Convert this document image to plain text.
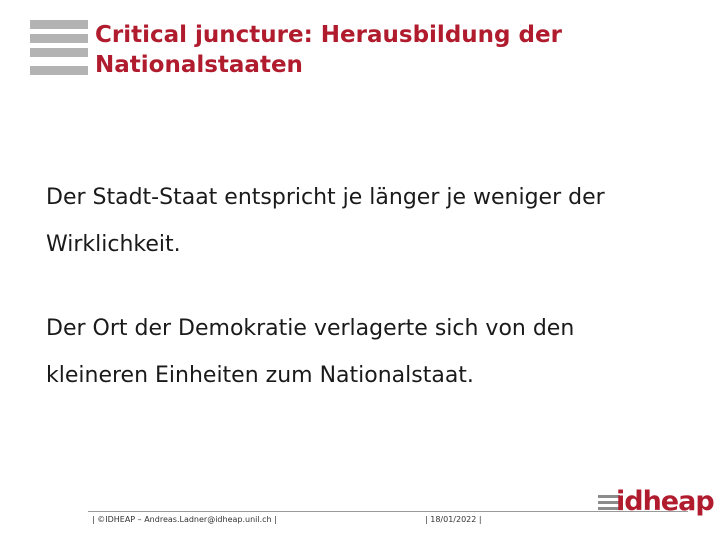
Critical juncture: Herausbildung der
Nationalstaaten
Der Stadt-Staat entspricht je länger je weniger der
Wirklichkeit.
Der Ort der Demokratie verlagerte sich von den
kleineren Einheiten zum Nationalstaat.
| ©IDHEAP – Andreas.Ladner@idheap.unil.ch |	| 18/01/2022 |
idheap
